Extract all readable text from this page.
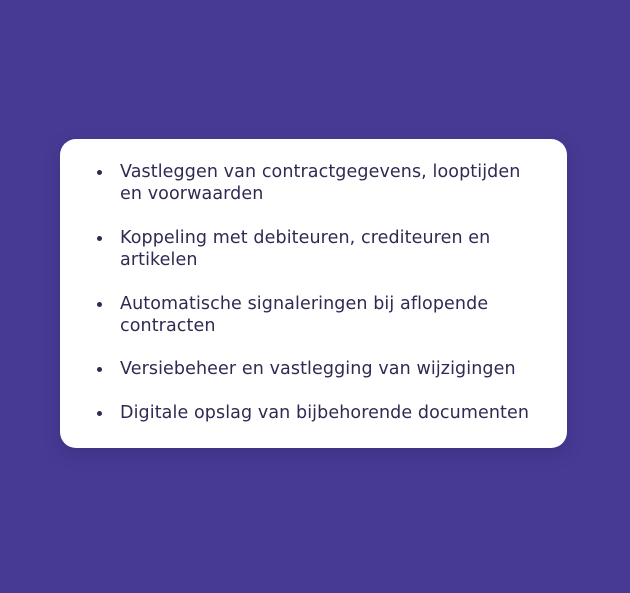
Vastleggen van contractgegevens, looptijden en voorwaarden
Koppeling met debiteuren, crediteuren en artikelen
Automatische signaleringen bij aflopende contracten
Versiebeheer en vastlegging van wijzigingen
Digitale opslag van bijbehorende documenten
